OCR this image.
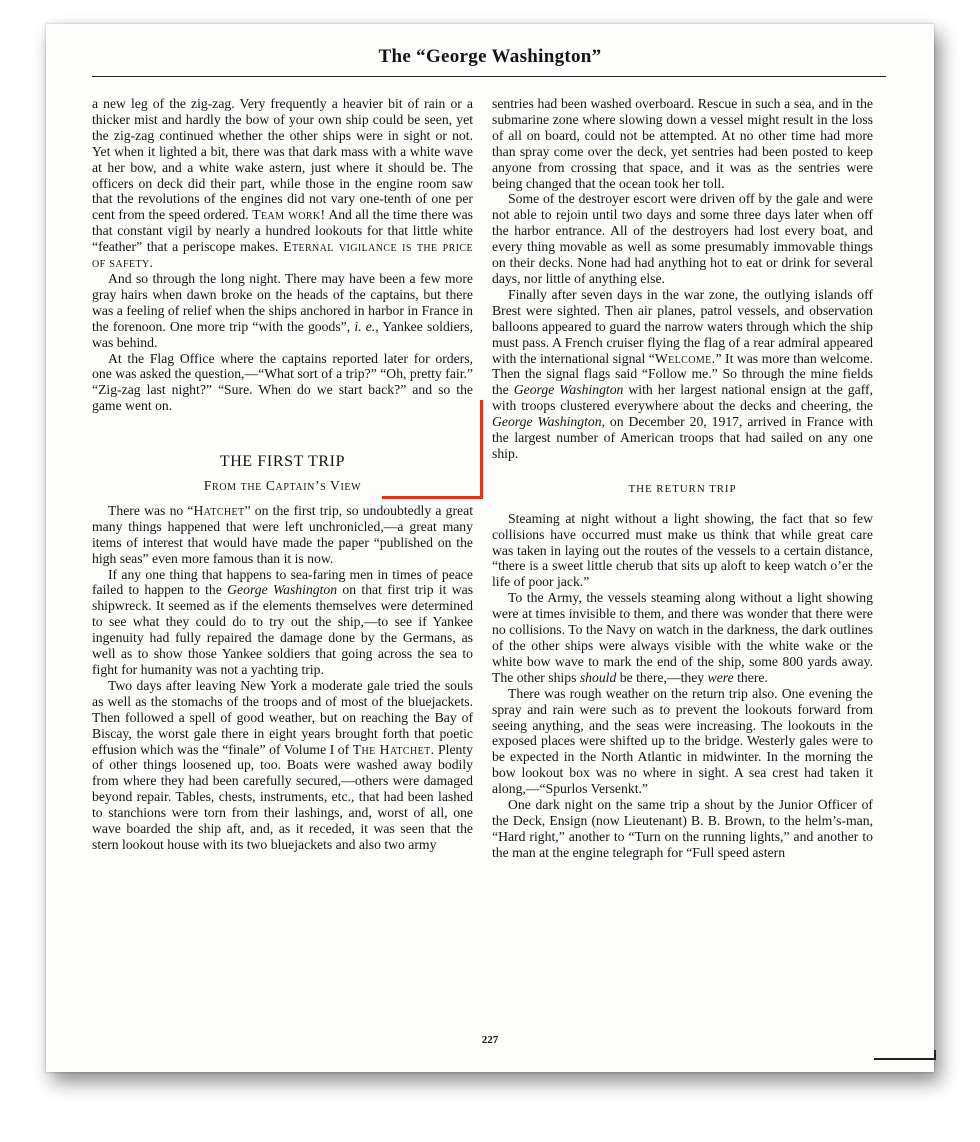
The “George Washington”

a new leg of the zig-zag. Very frequently a heavier bit of rain or a thicker mist and hardly the bow of your own ship could be seen, yet the zig-zag continued whether the other ships were in sight or not. Yet when it lighted a bit, there was that dark mass with a white wave at her bow, and a white wake astern, just where it should be. The officers on deck did their part, while those in the engine room saw that the revolutions of the engines did not vary one-tenth of one per cent from the speed ordered. Team work! And all the time there was that constant vigil by nearly a hundred lookouts for that little white “feather” that a periscope makes. Eternal vigilance is the price of safety.

And so through the long night. There may have been a few more gray hairs when dawn broke on the heads of the captains, but there was a feeling of relief when the ships anchored in harbor in France in the forenoon. One more trip “with the goods”, i. e., Yankee soldiers, was behind.

At the Flag Office where the captains reported later for orders, one was asked the question,—“What sort of a trip?” “Oh, pretty fair.” “Zig-zag last night?” “Sure. When do we start back?” and so the game went on.

THE FIRST TRIP

From the Captain’s View

There was no “Hatchet” on the first trip, so undoubtedly a great many things happened that were left unchronicled,—a great many items of interest that would have made the paper “published on the high seas” even more famous than it is now.

If any one thing that happens to sea-faring men in times of peace failed to happen to the George Washington on that first trip it was shipwreck. It seemed as if the elements themselves were determined to see what they could do to try out the ship,—to see if Yankee ingenuity had fully repaired the damage done by the Germans, as well as to show those Yankee soldiers that going across the sea to fight for humanity was not a yachting trip.

Two days after leaving New York a moderate gale tried the souls as well as the stomachs of the troops and of most of the bluejackets. Then followed a spell of good weather, but on reaching the Bay of Biscay, the worst gale there in eight years brought forth that poetic effusion which was the “finale” of Volume I of The Hatchet. Plenty of other things loosened up, too. Boats were washed away bodily from where they had been carefully secured,—others were damaged beyond repair. Tables, chests, instruments, etc., that had been lashed to stanchions were torn from their lashings, and, worst of all, one wave boarded the ship aft, and, as it receded, it was seen that the stern lookout house with its two bluejackets and also two army

sentries had been washed overboard. Rescue in such a sea, and in the submarine zone where slowing down a vessel might result in the loss of all on board, could not be attempted. At no other time had more than spray come over the deck, yet sentries had been posted to keep anyone from crossing that space, and it was as the sentries were being changed that the ocean took her toll.

Some of the destroyer escort were driven off by the gale and were not able to rejoin until two days and some three days later when off the harbor entrance. All of the destroyers had lost every boat, and every thing movable as well as some presumably immovable things on their decks. None had had anything hot to eat or drink for several days, nor little of anything else.

Finally after seven days in the war zone, the outlying islands off Brest were sighted. Then air planes, patrol vessels, and observation balloons appeared to guard the narrow waters through which the ship must pass. A French cruiser flying the flag of a rear admiral appeared with the international signal “Welcome.” It was more than welcome. Then the signal flags said “Follow me.” So through the mine fields the George Washington with her largest national ensign at the gaff, with troops clustered everywhere about the decks and cheering, the George Washington, on December 20, 1917, arrived in France with the largest number of American troops that had sailed on any one ship.

THE RETURN TRIP

Steaming at night without a light showing, the fact that so few collisions have occurred must make us think that while great care was taken in laying out the routes of the vessels to a certain distance, “there is a sweet little cherub that sits up aloft to keep watch o’er the life of poor jack.”

To the Army, the vessels steaming along without a light showing were at times invisible to them, and there was wonder that there were no collisions. To the Navy on watch in the darkness, the dark outlines of the other ships were always visible with the white wake or the white bow wave to mark the end of the ship, some 800 yards away. The other ships should be there,—they were there.

There was rough weather on the return trip also. One evening the spray and rain were such as to prevent the lookouts forward from seeing anything, and the seas were increasing. The lookouts in the exposed places were shifted up to the bridge. Westerly gales were to be expected in the North Atlantic in midwinter. In the morning the bow lookout box was no where in sight. A sea crest had taken it along,—“Spurlos Versenkt.”

One dark night on the same trip a shout by the Junior Officer of the Deck, Ensign (now Lieutenant) B. B. Brown, to the helm’s-man, “Hard right,” another to “Turn on the running lights,” and another to the man at the engine telegraph for “Full speed astern

227
